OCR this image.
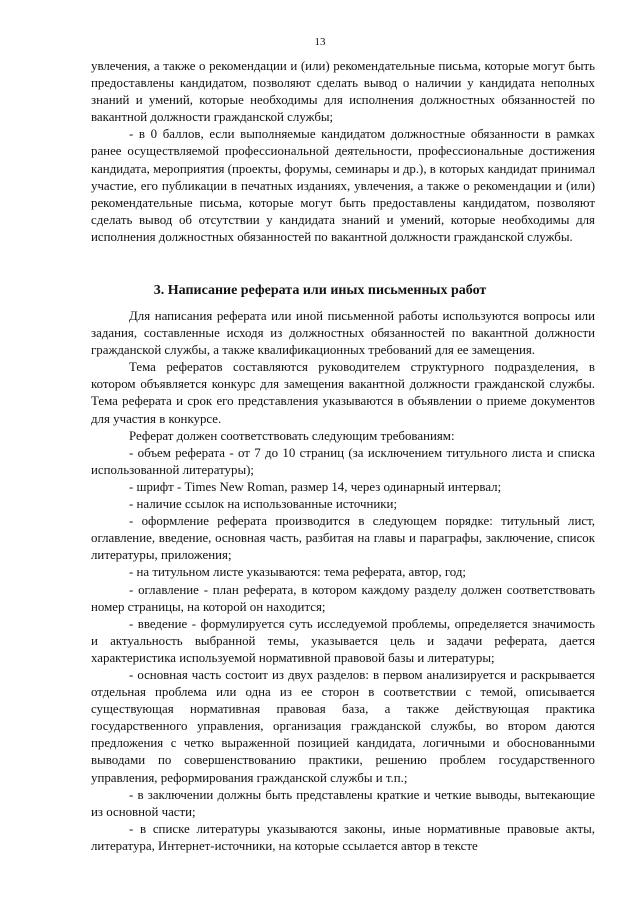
13

увлечения, а также о рекомендации и (или) рекомендательные письма, которые могут быть предоставлены кандидатом, позволяют сделать вывод о наличии у кандидата неполных знаний и умений, которые необходимы для исполнения должностных обязанностей по вакантной должности гражданской службы;

- в 0 баллов, если выполняемые кандидатом должностные обязанности в рамках ранее осуществляемой профессиональной деятельности, профессиональные достижения кандидата, мероприятия (проекты, форумы, семинары и др.), в которых кандидат принимал участие, его публикации в печатных изданиях, увлечения, а также о рекомендации и (или) рекомендательные письма, которые могут быть предоставлены кандидатом, позволяют сделать вывод об отсутствии у кандидата знаний и умений, которые необходимы для исполнения должностных обязанностей по вакантной должности гражданской службы.

3. Написание реферата или иных письменных работ

Для написания реферата или иной письменной работы используются вопросы или задания, составленные исходя из должностных обязанностей по вакантной должности гражданской службы, а также квалификационных требований для ее замещения.

Тема рефератов составляются руководителем структурного подразделения, в котором объявляется конкурс для замещения вакантной должности гражданской службы. Тема реферата и срок его представления указываются в объявлении о приеме документов для участия в конкурсе.

Реферат должен соответствовать следующим требованиям:

- объем реферата - от 7 до 10 страниц (за исключением титульного листа и списка использованной литературы);

- шрифт - Times New Roman, размер 14, через одинарный интервал;

- наличие ссылок на использованные источники;

- оформление реферата производится в следующем порядке: титульный лист, оглавление, введение, основная часть, разбитая на главы и параграфы, заключение, список литературы, приложения;

- на титульном листе указываются: тема реферата, автор, год;

- оглавление - план реферата, в котором каждому разделу должен соответствовать номер страницы, на которой он находится;

- введение - формулируется суть исследуемой проблемы, определяется значимость и актуальность выбранной темы, указывается цель и задачи реферата, дается характеристика используемой нормативной правовой базы и литературы;

- основная часть состоит из двух разделов: в первом анализируется и раскрывается отдельная проблема или одна из ее сторон в соответствии с темой, описывается существующая нормативная правовая база, а также действующая практика государственного управления, организация гражданской службы, во втором даются предложения с четко выраженной позицией кандидата, логичными и обоснованными выводами по совершенствованию практики, решению проблем государственного управления, реформирования гражданской службы и т.п.;

- в заключении должны быть представлены краткие и четкие выводы, вытекающие из основной части;

- в списке литературы указываются законы, иные нормативные правовые акты, литература, Интернет-источники, на которые ссылается автор в тексте
